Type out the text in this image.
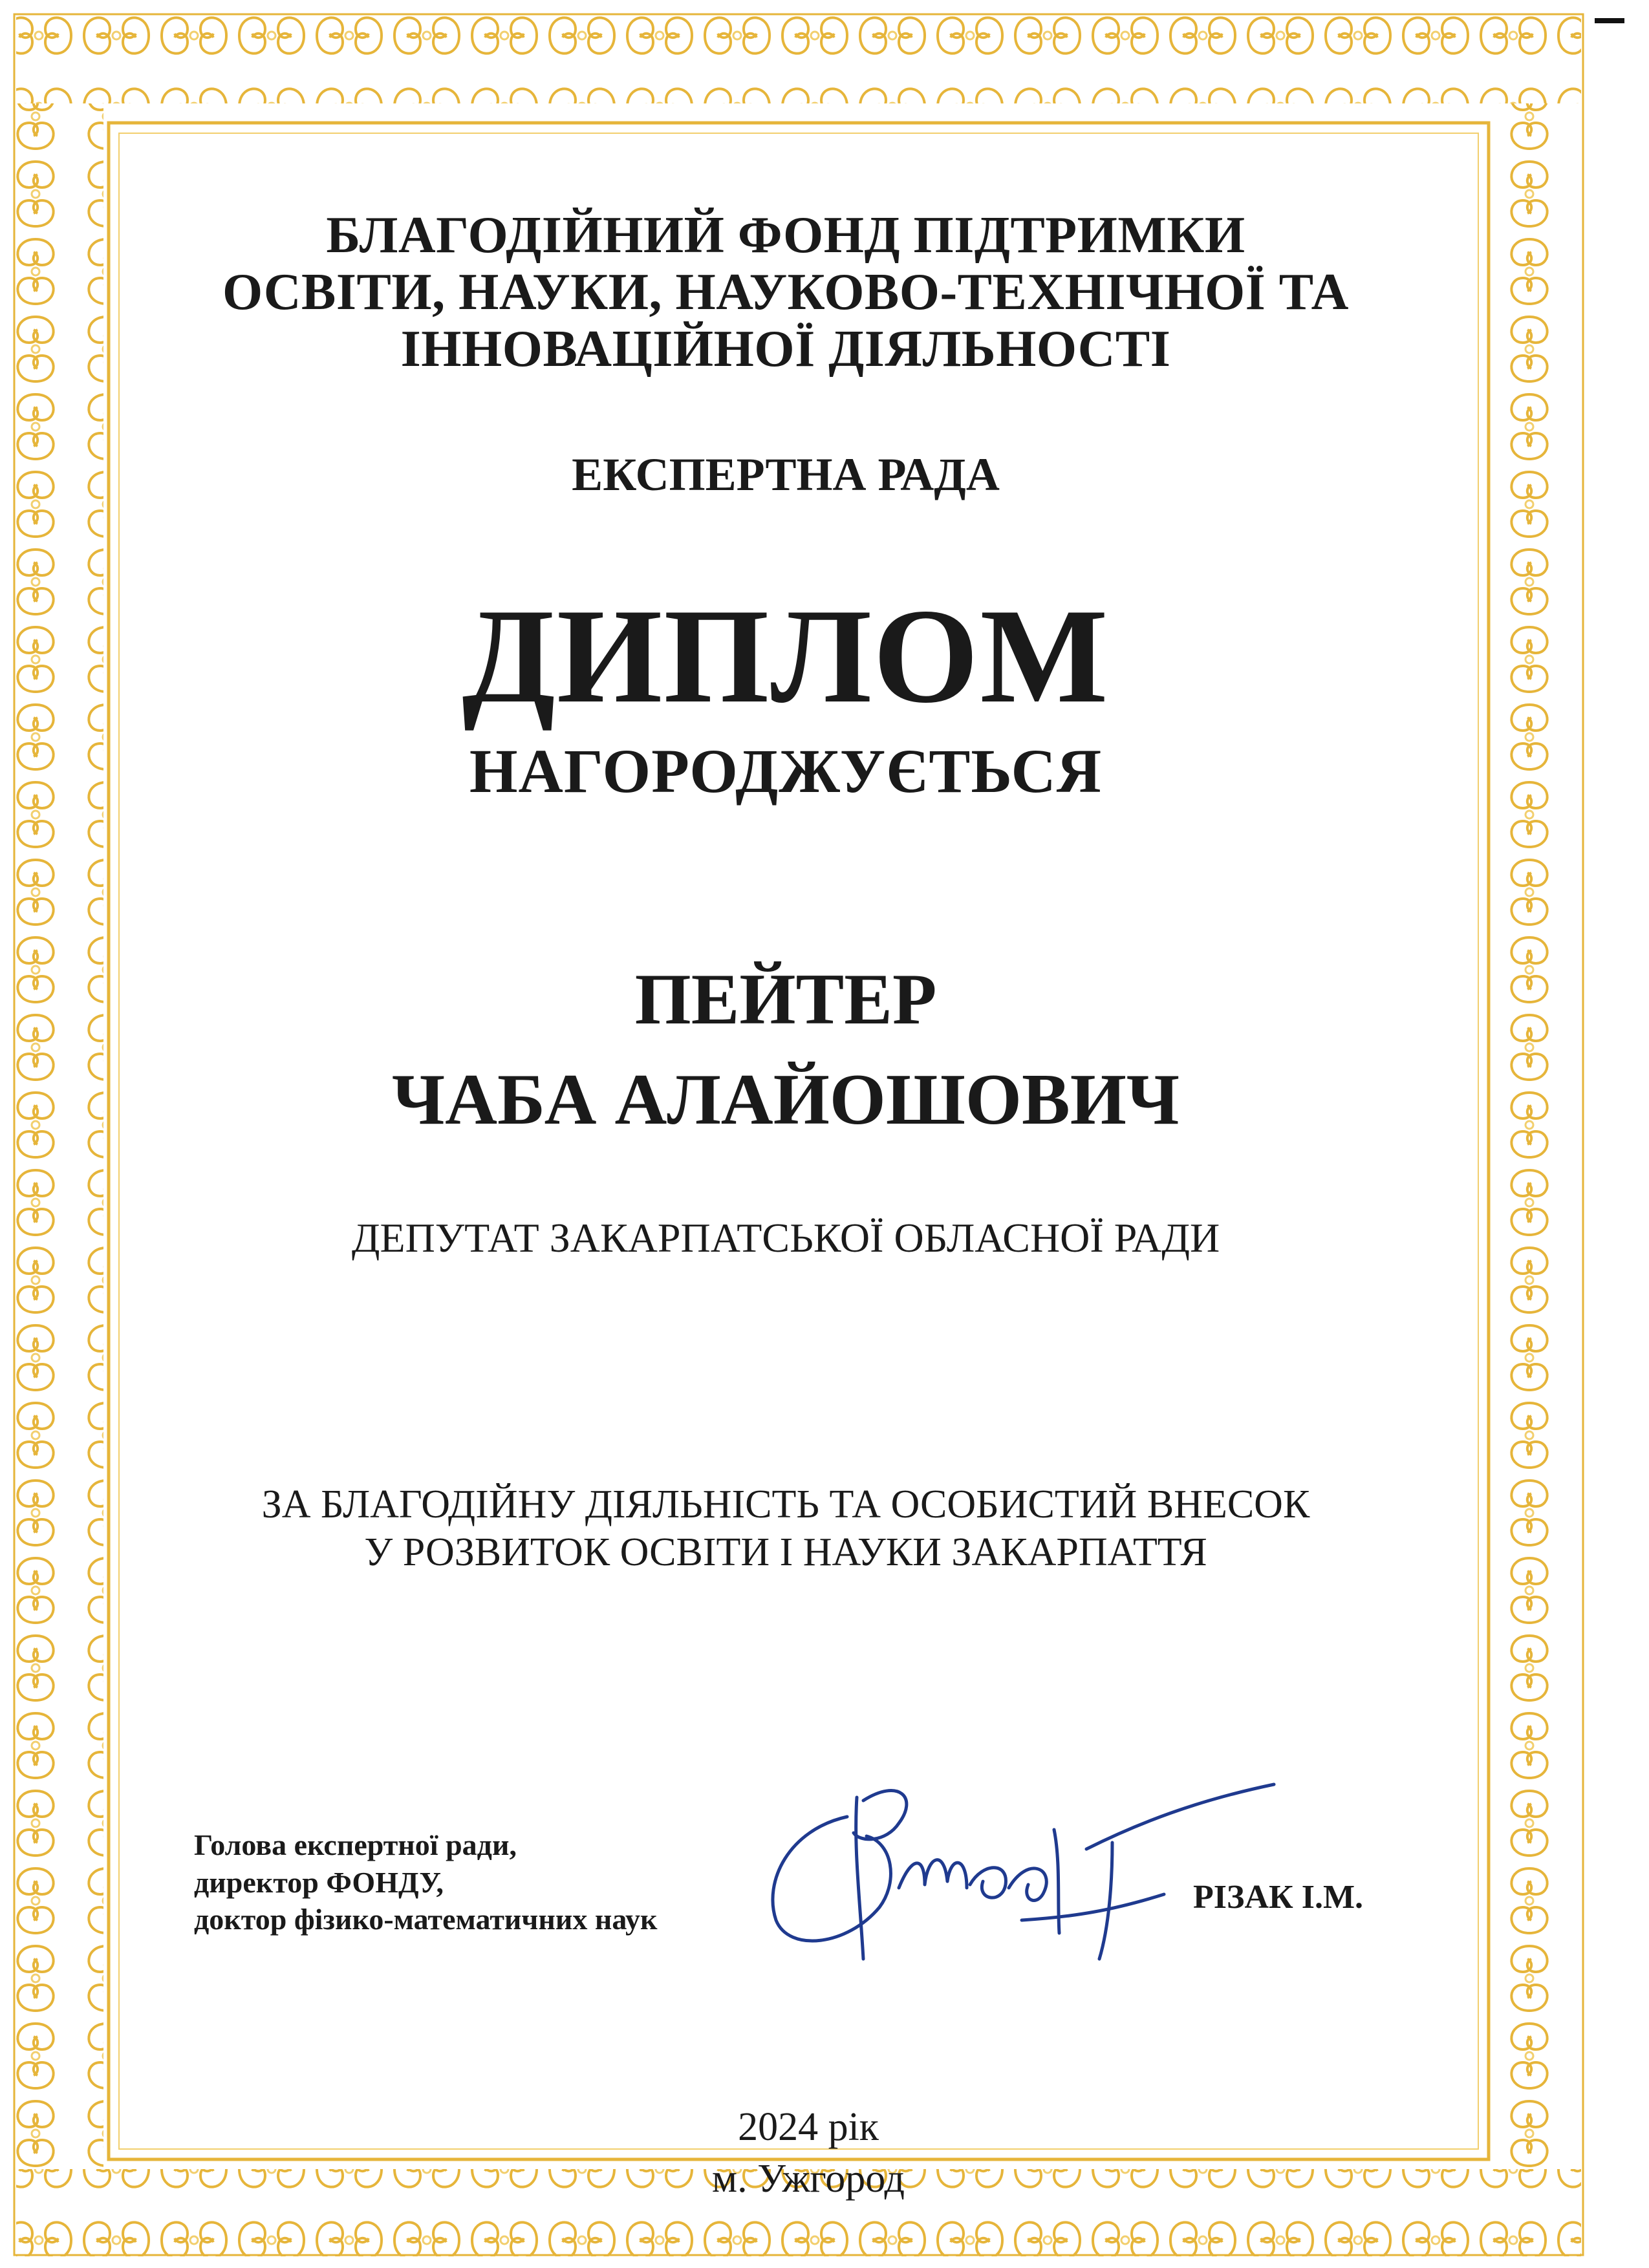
БЛАГОДІЙНИЙ ФОНД ПІДТРИМКИ
ОСВІТИ, НАУКИ, НАУКОВО-ТЕХНІЧНОЇ ТА
ІННОВАЦІЙНОЇ ДІЯЛЬНОСТІ
ЕКСПЕРТНА РАДА
ДИПЛОМ
НАГОРОДЖУЄТЬСЯ
ПЕЙТЕР
ЧАБА АЛАЙОШОВИЧ
ДЕПУТАТ ЗАКАРПАТСЬКОЇ ОБЛАСНОЇ РАДИ
ЗА БЛАГОДІЙНУ ДІЯЛЬНІСТЬ ТА ОСОБИСТИЙ ВНЕСОК
У РОЗВИТОК ОСВІТИ І НАУКИ ЗАКАРПАТТЯ
Голова експертної ради,
директор ФОНДУ,
доктор фізико-математичних наук
РІЗАК І.М.
2024 рік
м. Ужгород
